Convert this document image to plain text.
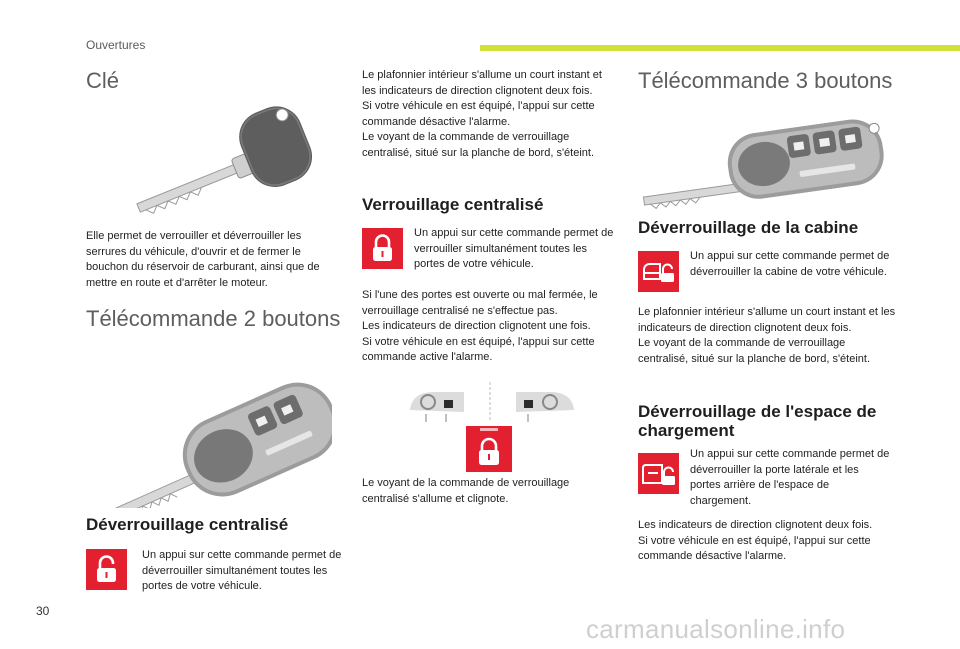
Ouvertures
Clé

Elle permet de verrouiller et déverrouiller les serrures du véhicule, d'ouvrir et de fermer le bouchon du réservoir de carburant, ainsi que de mettre en route et d'arrêter le moteur.

Télécommande 2 boutons
Déverrouillage centralisé

Un appui sur cette commande permet de déverrouiller simultanément toutes les portes de votre véhicule.

Le plafonnier intérieur s'allume un court instant et les indicateurs de direction clignotent deux fois.
Si votre véhicule en est équipé, l'appui sur cette commande désactive l'alarme.
Le voyant de la commande de verrouillage centralisé, situé sur la planche de bord, s'éteint.

Verrouillage centralisé

Un appui sur cette commande permet de verrouiller simultanément toutes les portes de votre véhicule.

Si l'une des portes est ouverte ou mal fermée, le verrouillage centralisé ne s'effectue pas.
Les indicateurs de direction clignotent une fois.
Si votre véhicule en est équipé, l'appui sur cette commande active l'alarme.

Le voyant de la commande de verrouillage centralisé s'allume et clignote.

Télécommande 3 boutons
Déverrouillage de la cabine

Un appui sur cette commande permet de déverrouiller la cabine de votre véhicule.

Le plafonnier intérieur s'allume un court instant et les indicateurs de direction clignotent deux fois.
Le voyant de la commande de verrouillage centralisé, situé sur la planche de bord, s'éteint.

Déverrouillage de l'espace de chargement

Un appui sur cette commande permet de déverrouiller la porte latérale et les portes arrière de l'espace de chargement.

Les indicateurs de direction clignotent deux fois.
Si votre véhicule en est équipé, l'appui sur cette commande désactive l'alarme.

30
carmanualsonline.info
